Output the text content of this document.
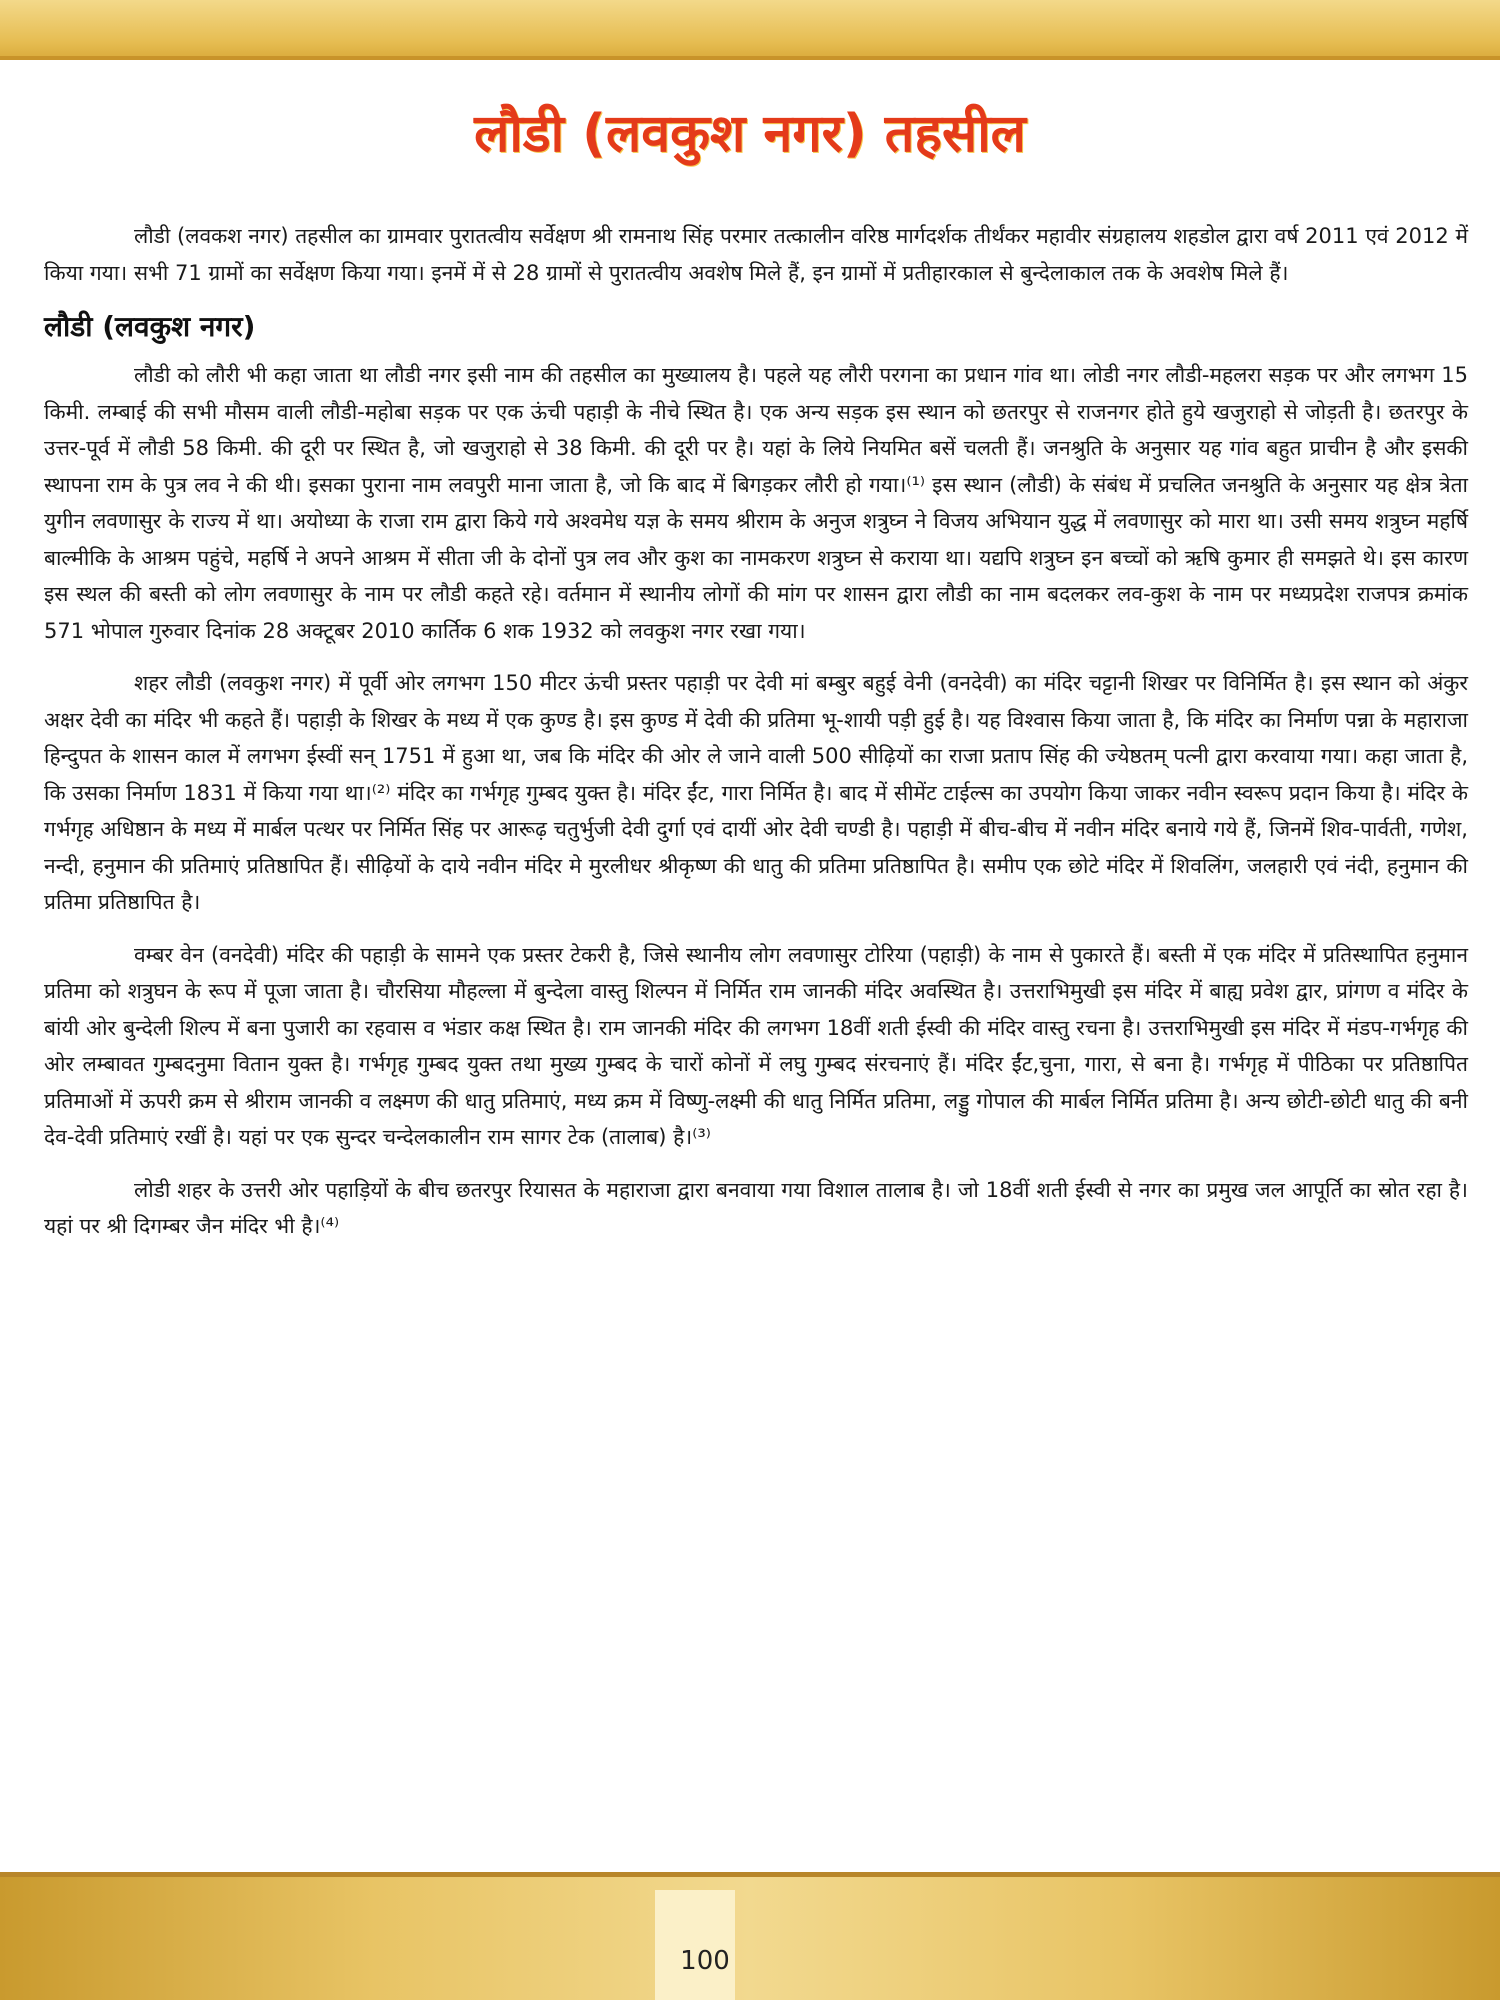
लौडी (लवकुश नगर) तहसील

लौडी (लवकश नगर) तहसील का ग्रामवार पुरातत्वीय सर्वेक्षण श्री रामनाथ सिंह परमार तत्कालीन वरिष्ठ मार्गदर्शक तीर्थंकर महावीर संग्रहालय शहडोल द्वारा वर्ष 2011 एवं 2012 में किया गया। सभी 71 ग्रामों का सर्वेक्षण किया गया। इनमें में से 28 ग्रामों से पुरातत्वीय अवशेष मिले हैं, इन ग्रामों में प्रतीहारकाल से बुन्देलाकाल तक के अवशेष मिले हैं।

लौडी (लवकुश नगर)

लौडी को लौरी भी कहा जाता था लौडी नगर इसी नाम की तहसील का मुख्यालय है। पहले यह लौरी परगना का प्रधान गांव था। लोडी नगर लौडी-महलरा सड़क पर और लगभग 15 किमी. लम्बाई की सभी मौसम वाली लौडी-महोबा सड़क पर एक ऊंची पहाड़ी के नीचे स्थित है। एक अन्य सड़क इस स्थान को छतरपुर से राजनगर होते हुये खजुराहो से जोड़ती है। छतरपुर के उत्तर-पूर्व में लौडी 58 किमी. की दूरी पर स्थित है, जो खजुराहो से 38 किमी. की दूरी पर है। यहां के लिये नियमित बसें चलती हैं। जनश्रुति के अनुसार यह गांव बहुत प्राचीन है और इसकी स्थापना राम के पुत्र लव ने की थी। इसका पुराना नाम लवपुरी माना जाता है, जो कि बाद में बिगड़कर लौरी हो गया।⁽¹⁾ इस स्थान (लौडी) के संबंध में प्रचलित जनश्रुति के अनुसार यह क्षेत्र त्रेता युगीन लवणासुर के राज्य में था। अयोध्या के राजा राम द्वारा किये गये अश्वमेध यज्ञ के समय श्रीराम के अनुज शत्रुघ्न ने विजय अभियान युद्ध में लवणासुर को मारा था। उसी समय शत्रुघ्न महर्षि बाल्मीकि के आश्रम पहुंचे, महर्षि ने अपने आश्रम में सीता जी के दोनों पुत्र लव और कुश का नामकरण शत्रुघ्न से कराया था। यद्यपि शत्रुघ्न इन बच्चों को ऋषि कुमार ही समझते थे। इस कारण इस स्थल की बस्ती को लोग लवणासुर के नाम पर लौडी कहते रहे। वर्तमान में स्थानीय लोगों की मांग पर शासन द्वारा लौडी का नाम बदलकर लव-कुश के नाम पर मध्यप्रदेश राजपत्र क्रमांक 571 भोपाल गुरुवार दिनांक 28 अक्टूबर 2010 कार्तिक 6 शक 1932 को लवकुश नगर रखा गया।

शहर लौडी (लवकुश नगर) में पूर्वी ओर लगभग 150 मीटर ऊंची प्रस्तर पहाड़ी पर देवी मां बम्बुर बहुई वेनी (वनदेवी) का मंदिर चट्टानी शिखर पर विनिर्मित है। इस स्थान को अंकुर अक्षर देवी का मंदिर भी कहते हैं। पहाड़ी के शिखर के मध्य में एक कुण्ड है। इस कुण्ड में देवी की प्रतिमा भू-शायी पड़ी हुई है। यह विश्वास किया जाता है, कि मंदिर का निर्माण पन्ना के महाराजा हिन्दुपत के शासन काल में लगभग ईस्वीं सन् 1751 में हुआ था, जब कि मंदिर की ओर ले जाने वाली 500 सीढ़ियों का राजा प्रताप सिंह की ज्येष्ठतम् पत्नी द्वारा करवाया गया। कहा जाता है, कि उसका निर्माण 1831 में किया गया था।⁽²⁾ मंदिर का गर्भगृह गुम्बद युक्त है। मंदिर ईंट, गारा निर्मित है। बाद में सीमेंट टाईल्स का उपयोग किया जाकर नवीन स्वरूप प्रदान किया है। मंदिर के गर्भगृह अधिष्ठान के मध्य में मार्बल पत्थर पर निर्मित सिंह पर आरूढ़ चतुर्भुजी देवी दुर्गा एवं दायीं ओर देवी चण्डी है। पहाड़ी में बीच-बीच में नवीन मंदिर बनाये गये हैं, जिनमें शिव-पार्वती, गणेश, नन्दी, हनुमान की प्रतिमाएं प्रतिष्ठापित हैं। सीढ़ियों के दाये नवीन मंदिर मे मुरलीधर श्रीकृष्ण की धातु की प्रतिमा प्रतिष्ठापित है। समीप एक छोटे मंदिर में शिवलिंग, जलहारी एवं नंदी, हनुमान की प्रतिमा प्रतिष्ठापित है।

वम्बर वेन (वनदेवी) मंदिर की पहाड़ी के सामने एक प्रस्तर टेकरी है, जिसे स्थानीय लोग लवणासुर टोरिया (पहाड़ी) के नाम से पुकारते हैं। बस्ती में एक मंदिर में प्रतिस्थापित हनुमान प्रतिमा को शत्रुघन के रूप में पूजा जाता है। चौरसिया मौहल्ला में बुन्देला वास्तु शिल्पन में निर्मित राम जानकी मंदिर अवस्थित है। उत्तराभिमुखी इस मंदिर में बाह्य प्रवेश द्वार, प्रांगण व मंदिर के बांयी ओर बुन्देली शिल्प में बना पुजारी का रहवास व भंडार कक्ष स्थित है। राम जानकी मंदिर की लगभग 18वीं शती ईस्वी की मंदिर वास्तु रचना है। उत्तराभिमुखी इस मंदिर में मंडप-गर्भगृह की ओर लम्बावत गुम्बदनुमा वितान युक्त है। गर्भगृह गुम्बद युक्त तथा मुख्य गुम्बद के चारों कोनों में लघु गुम्बद संरचनाएं हैं। मंदिर ईंट,चुना, गारा, से बना है। गर्भगृह में पीठिका पर प्रतिष्ठापित प्रतिमाओं में ऊपरी क्रम से श्रीराम जानकी व लक्ष्मण की धातु प्रतिमाएं, मध्य क्रम में विष्णु-लक्ष्मी की धातु निर्मित प्रतिमा, लड्डु गोपाल की मार्बल निर्मित प्रतिमा है। अन्य छोटी-छोटी धातु की बनी देव-देवी प्रतिमाएं रखीं है। यहां पर एक सुन्दर चन्देलकालीन राम सागर टेक (तालाब) है।⁽³⁾

लोडी शहर के उत्तरी ओर पहाड़ियों के बीच छतरपुर रियासत के महाराजा द्वारा बनवाया गया विशाल तालाब है। जो 18वीं शती ईस्वी से नगर का प्रमुख जल आपूर्ति का स्रोत रहा है। यहां पर श्री दिगम्बर जैन मंदिर भी है।⁽⁴⁾

100
